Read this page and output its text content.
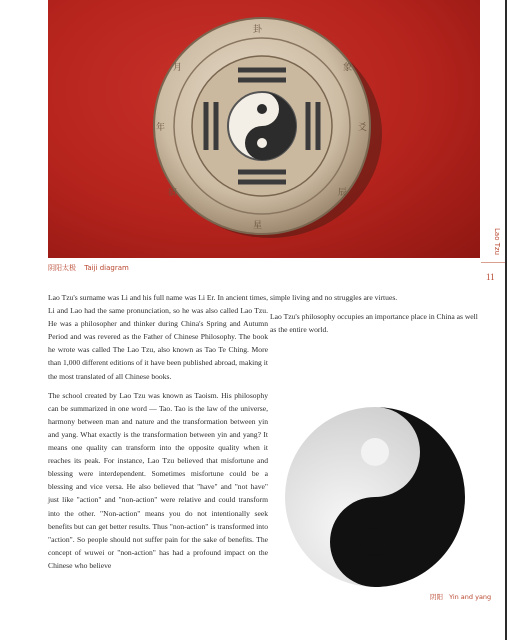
卦
象
爻
辰
星
宿
年
月
阴阳太极 Taiji diagram
Lao Tzu
11

Lao Tzu's surname was Li and his full name was Li Er. In ancient times, Li and Lao had the same pronunciation, so he was also called Lao Tzu. He was a philosopher and thinker during China's Spring and Autumn Period and was revered as the Father of Chinese Philosophy. The book he wrote was called The Lao Tzu, also known as Tao Te Ching. More than 1,000 different editions of it have been published abroad, making it the most translated of all Chinese books.

The school created by Lao Tzu was known as Taoism. His philosophy can be summarized in one word — Tao. Tao is the law of the universe, harmony between man and nature and the transformation between yin and yang. What exactly is the transformation between yin and yang? It means one quality can transform into the opposite quality when it reaches its peak. For instance, Lao Tzu believed that misfortune and blessing were interdependent. Sometimes misfortune could be a blessing and vice versa. He also believed that "have" and "not have" just like "action" and "non-action" were relative and could transform into the other. "Non-action" means you do not intentionally seek benefits but can get better results. Thus "non-action" is transformed into "action". So people should not suffer pain for the sake of benefits. The concept of wuwei or "non-action" has had a profound impact on the Chinese who believe

simple living and no struggles are virtues.

Lao Tzu's philosophy occupies an importance place in China as well as the entire world.

阴阳 Yin and yang
